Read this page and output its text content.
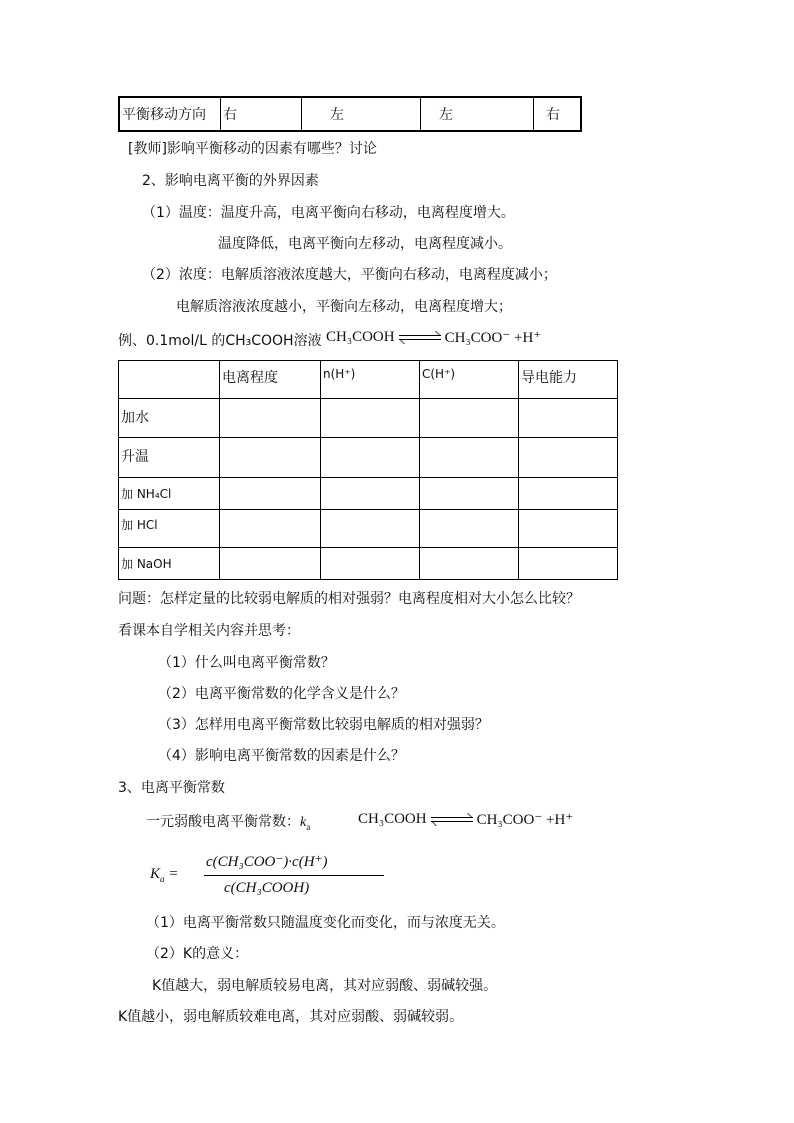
平衡移动方向	右	左	左	右
[教师]影响平衡移动的因素有哪些？讨论
2、影响电离平衡的外界因素
（1）温度：温度升高，电离平衡向右移动，电离程度增大。
温度降低，电离平衡向左移动，电离程度减小。
（2）浓度：电解质溶液浓度越大，平衡向右移动，电离程度减小；
电解质溶液浓度越小，平衡向左移动，电离程度增大；
例、0.1mol/L 的CH₃COOH溶液 CH₃COOH	CH₃COO⁻ +H⁺
	电离程度	n(H⁺)	C(H⁺)	导电能力
加水				
升温				
加 NH₄Cl				
加 HCl				
加 NaOH				
问题：怎样定量的比较弱电解质的相对强弱？电离程度相对大小怎么比较？
看课本自学相关内容并思考：
（1）什么叫电离平衡常数？
（2）电离平衡常数的化学含义是什么？
（3）怎样用电离平衡常数比较弱电解质的相对强弱？
（4）影响电离平衡常数的因素是什么？
3、电离平衡常数
一元弱酸电离平衡常数：$k_a$	CH₃COOH	CH₃COO⁻ +H⁺
$K_a$ =
c(CH₃COO⁻)·c(H⁺)
c(CH₃COOH)
（1）电离平衡常数只随温度变化而变化，而与浓度无关。
（2）K的意义：
K值越大，弱电解质较易电离，其对应弱酸、弱碱较强。
K值越小，弱电解质较难电离，其对应弱酸、弱碱较弱。
